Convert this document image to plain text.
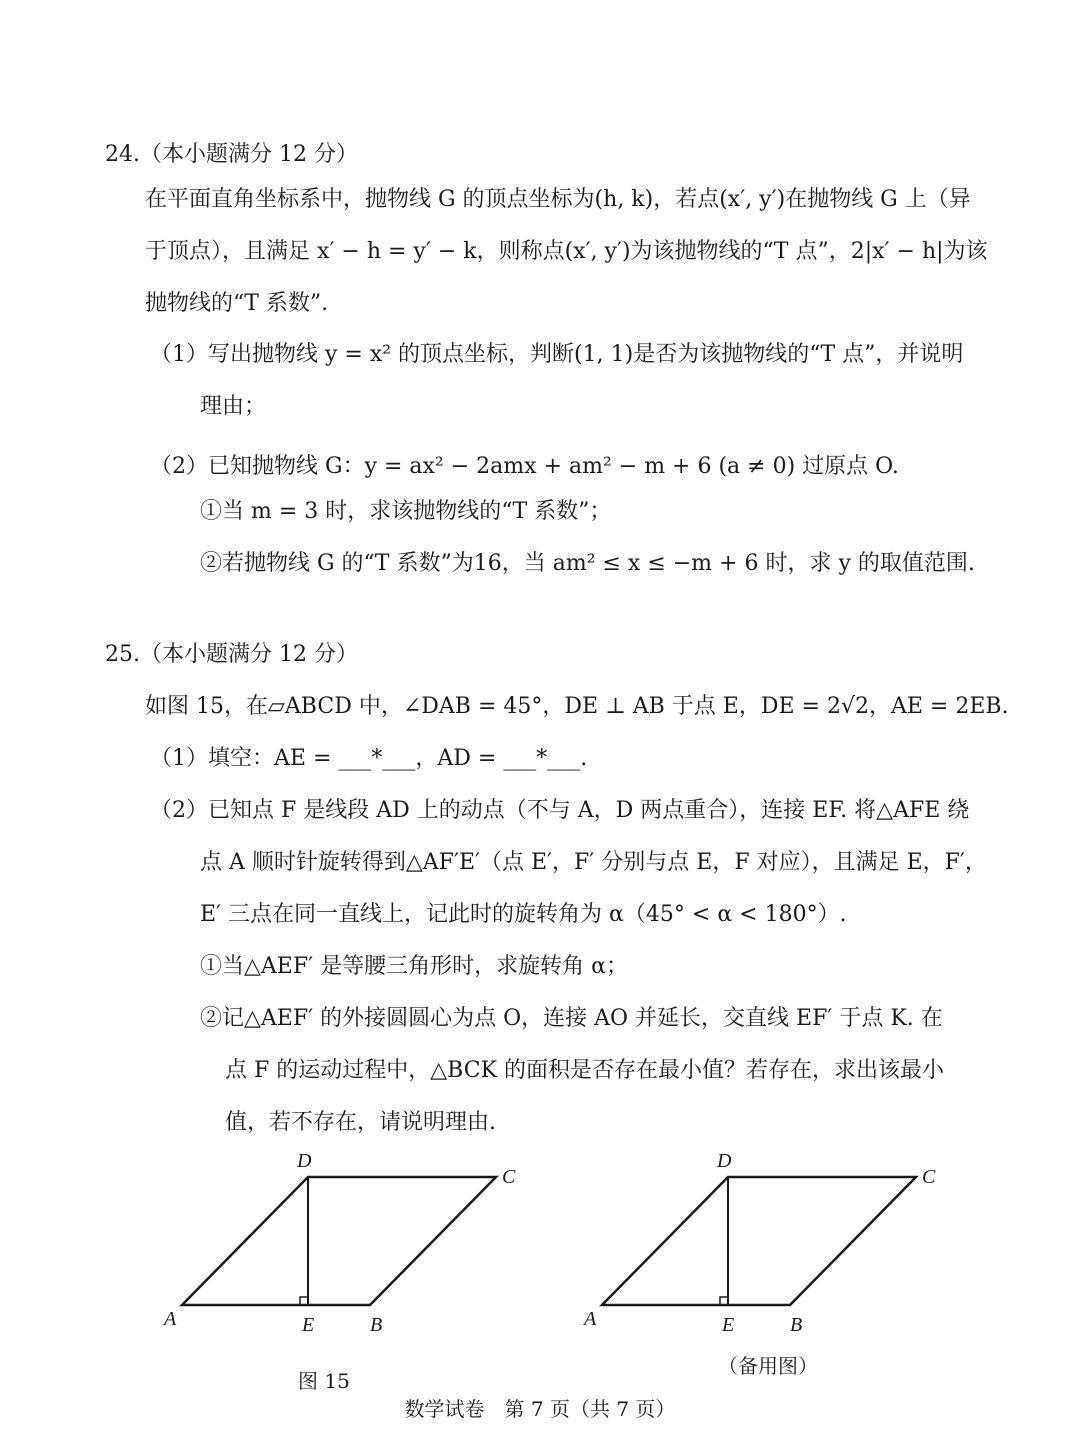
24.（本小题满分 12 分）
在平面直角坐标系中，抛物线 G 的顶点坐标为(h, k)，若点(x′, y′)在抛物线 G 上（异
于顶点），且满足 x′ − h = y′ − k，则称点(x′, y′)为该抛物线的“T 点”，2|x′ − h|为该
抛物线的“T 系数”.
（1）写出抛物线 y = x² 的顶点坐标，判断(1, 1)是否为该抛物线的“T 点”，并说明
理由；
（2）已知抛物线 G：y = ax² − 2amx + am² − m + 6 (a ≠ 0) 过原点 O.
①当 m = 3 时，求该抛物线的“T 系数”；
②若抛物线 G 的“T 系数”为16，当 am² ≤ x ≤ −m + 6 时，求 y 的取值范围.
25.（本小题满分 12 分）
如图 15，在▱ABCD 中，∠DAB = 45°，DE ⊥ AB 于点 E，DE = 2√2，AE = 2EB.
（1）填空：AE = ___*___，AD = ___*___.
（2）已知点 F 是线段 AD 上的动点（不与 A，D 两点重合），连接 EF. 将△AFE 绕
点 A 顺时针旋转得到△AF′E′（点 E′，F′ 分别与点 E，F 对应），且满足 E，F′，
E′ 三点在同一直线上，记此时的旋转角为 α（45° < α < 180°）.
①当△AEF′ 是等腰三角形时，求旋转角 α；
②记△AEF′ 的外接圆圆心为点 O，连接 AO 并延长，交直线 EF′ 于点 K. 在
点 F 的运动过程中，△BCK 的面积是否存在最小值？若存在，求出该最小
值，若不存在，请说明理由.
A
D
C
E	B
图 15
A
D
C
E	B
（备用图）
数学试卷　第 7 页（共 7 页）
